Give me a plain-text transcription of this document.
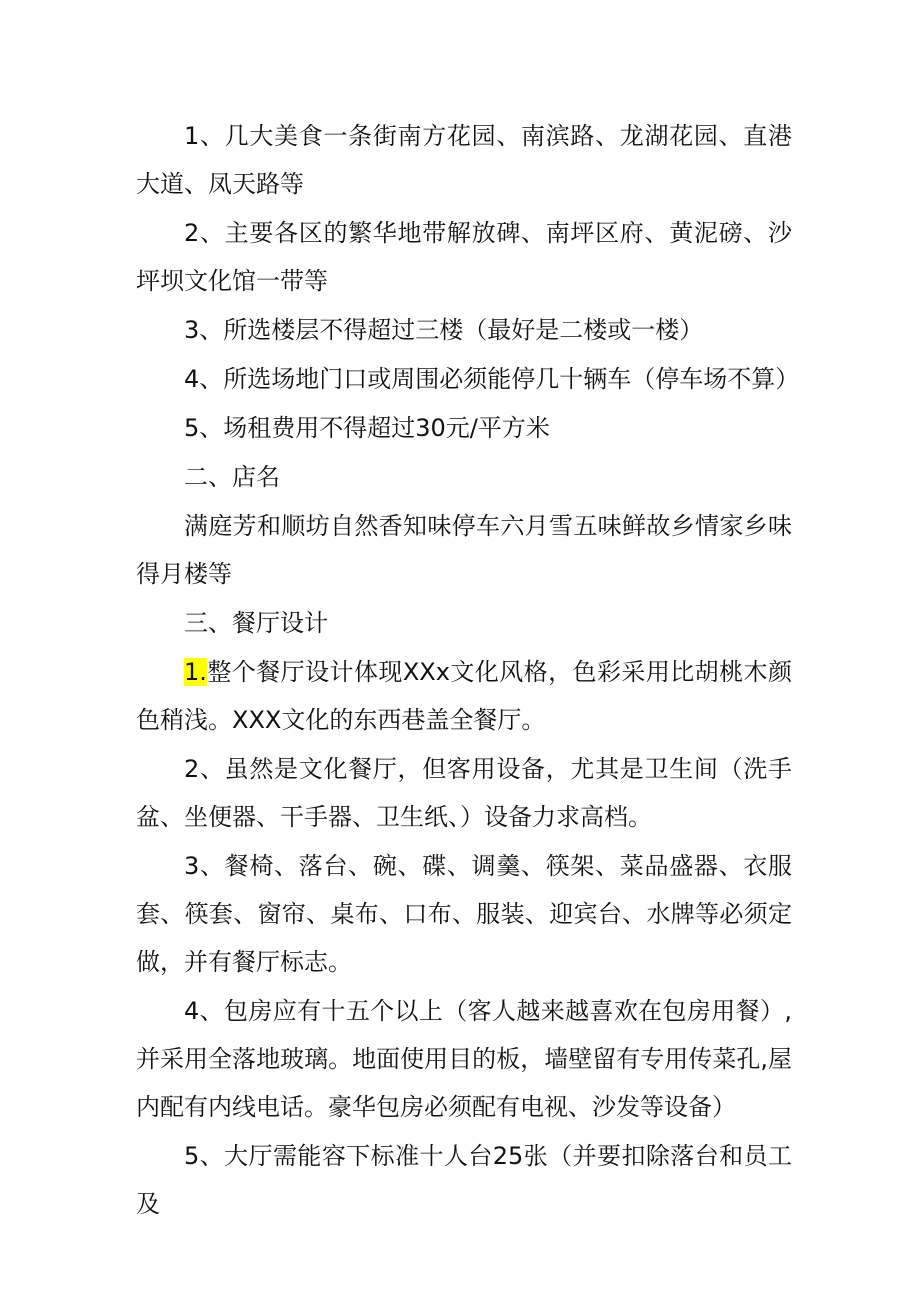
1、几大美食一条街南方花园、南滨路、龙湖花园、直港大道、凤天路等

2、主要各区的繁华地带解放碑、南坪区府、黄泥磅、沙坪坝文化馆一带等

3、所选楼层不得超过三楼（最好是二楼或一楼）

4、所选场地门口或周围必须能停几十辆车（停车场不算）

5、场租费用不得超过30元/平方米

二、店名

满庭芳和顺坊自然香知味停车六月雪五味鲜故乡情家乡味得月楼等

三、餐厅设计

1.整个餐厅设计体现XXx文化风格，色彩采用比胡桃木颜色稍浅。XXX文化的东西巷盖全餐厅。

2、虽然是文化餐厅，但客用设备，尤其是卫生间（洗手盆、坐便器、干手器、卫生纸、）设备力求高档。

3、餐椅、落台、碗、碟、调羹、筷架、菜品盛器、衣服套、筷套、窗帘、桌布、口布、服装、迎宾台、水牌等必须定做，并有餐厅标志。

4、包房应有十五个以上（客人越来越喜欢在包房用餐）,并采用全落地玻璃。地面使用目的板，墙壁留有专用传菜孔,屋内配有内线电话。豪华包房必须配有电视、沙发等设备）

5、大厅需能容下标准十人台25张（并要扣除落台和员工及
